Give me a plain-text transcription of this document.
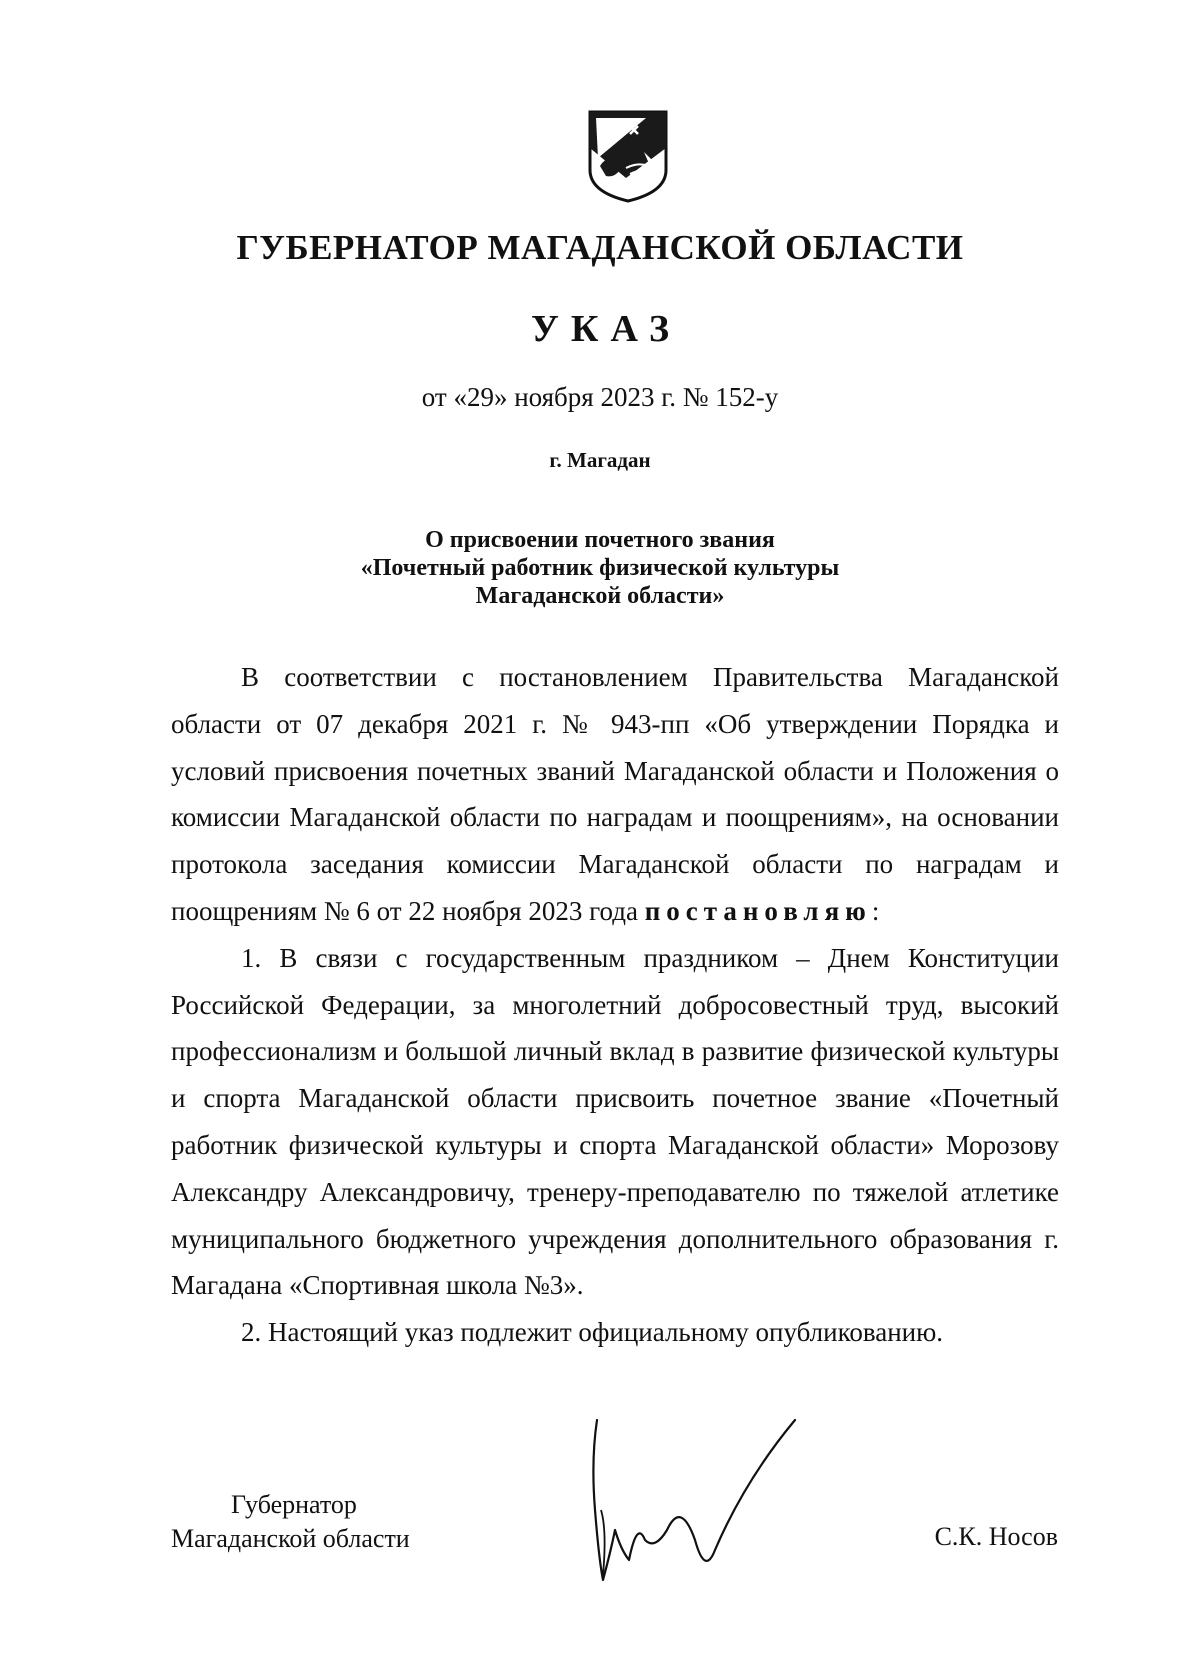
ГУБЕРНАТОР МАГАДАНСКОЙ ОБЛАСТИ
УКАЗ
от «29» ноября 2023 г. № 152-у
г. Магадан
О присвоении почетного звания
«Почетный работник физической культуры
Магаданской области»

В соответствии с постановлением Правительства Магаданской области от 07 декабря 2021 г. № 943-пп «Об утверждении Порядка и условий присвоения почетных званий Магаданской области и Положения о комиссии Магаданской области по наградам и поощрениям», на основании протокола заседания комиссии Магаданской области по наградам и поощрениям № 6 от 22 ноября 2023 года постановляю:

1. В связи с государственным праздником – Днем Конституции Российской Федерации, за многолетний добросовестный труд, высокий профессионализм и большой личный вклад в развитие физической культуры и спорта Магаданской области присвоить почетное звание «Почетный работник физической культуры и спорта Магаданской области» Морозову Александру Александровичу, тренеру-преподавателю по тяжелой атлетике муниципального бюджетного учреждения дополнительного образования г. Магадана «Спортивная школа №3».

2. Настоящий указ подлежит официальному опубликованию.

Губернатор
Магаданской области	С.К. Носов
